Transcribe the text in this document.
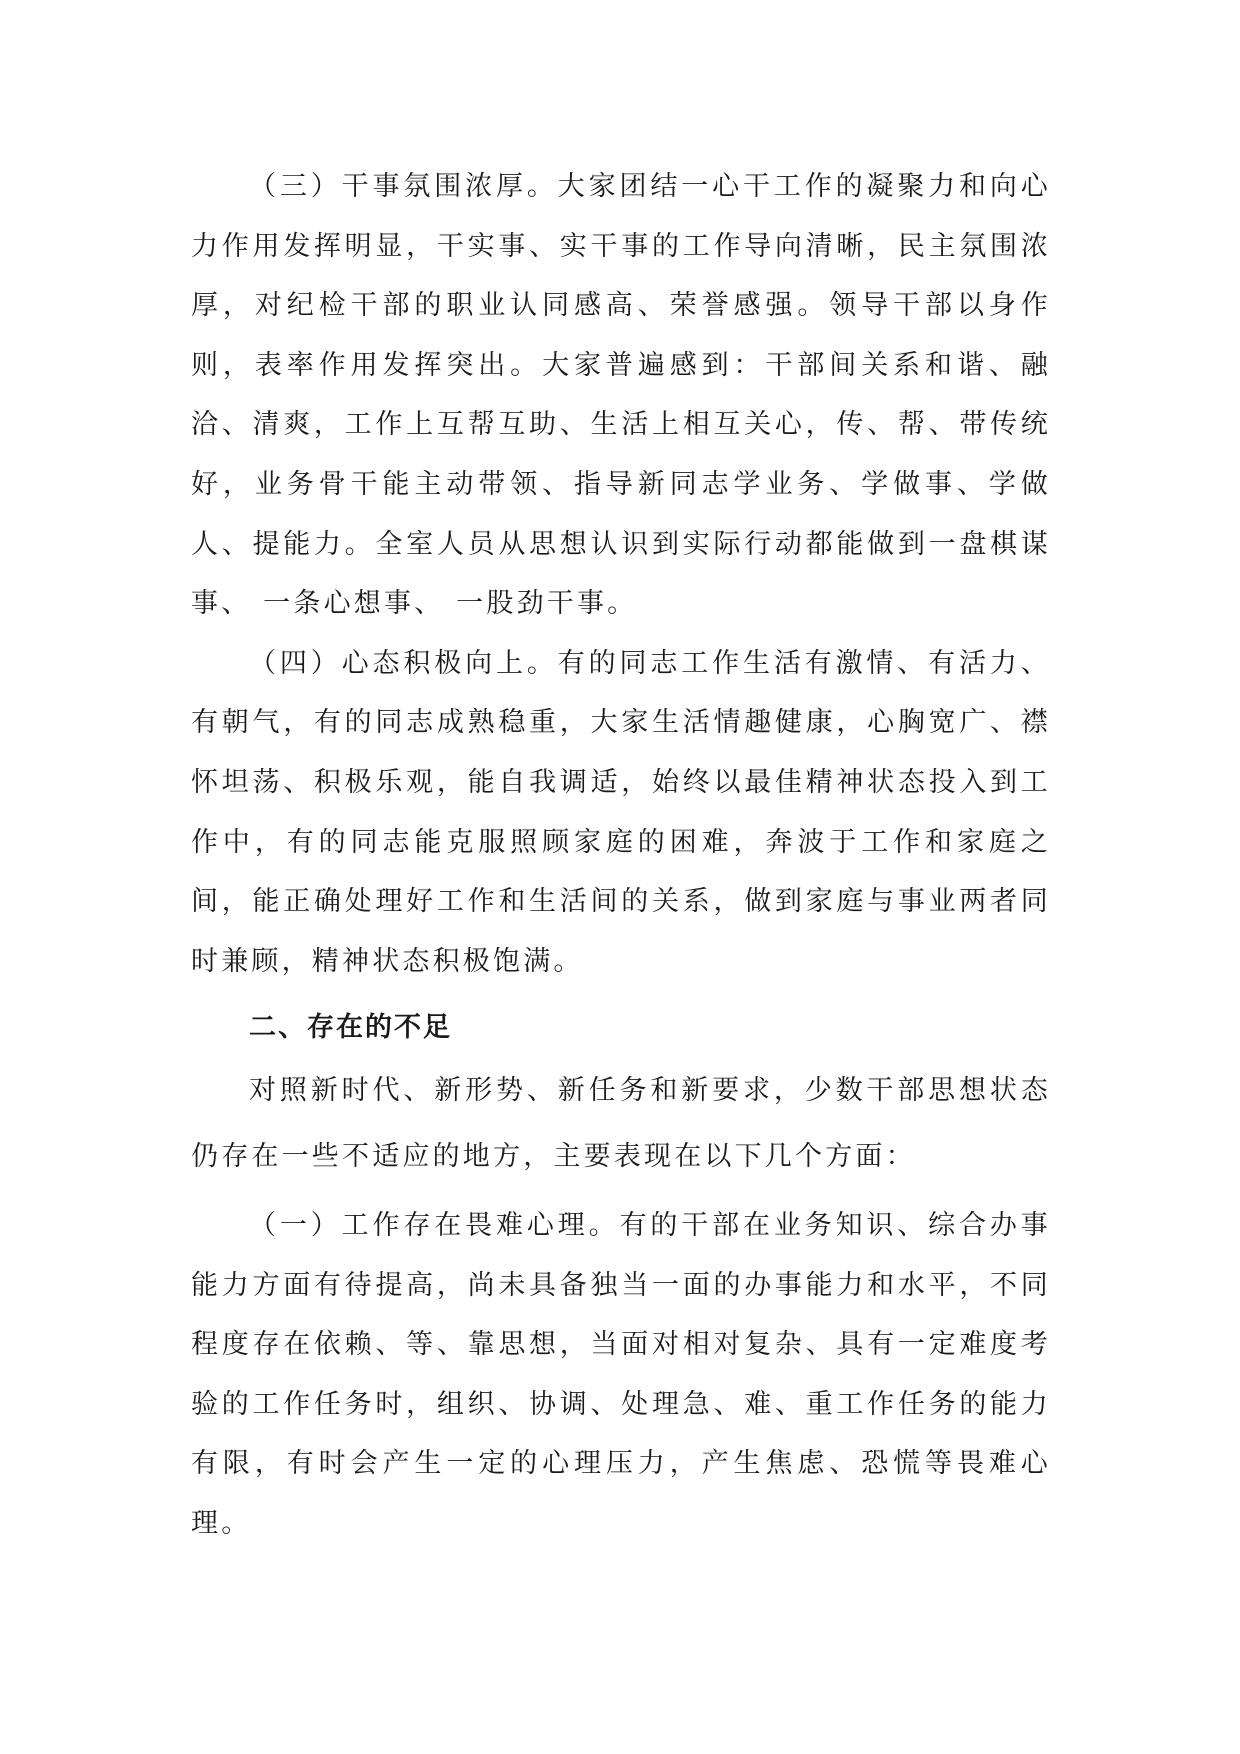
（三）干事氛围浓厚。大家团结一心干工作的凝聚力和向心力作用发挥明显，干实事、实干事的工作导向清晰，民主氛围浓厚，对纪检干部的职业认同感高、荣誉感强。领导干部以身作则，表率作用发挥突出。大家普遍感到：干部间关系和谐、融洽、清爽，工作上互帮互助、生活上相互关心，传、帮、带传统好，业务骨干能主动带领、指导新同志学业务、学做事、学做人、提能力。全室人员从思想认识到实际行动都能做到一盘棋谋事、 一条心想事、 一股劲干事。

（四）心态积极向上。有的同志工作生活有激情、有活力、有朝气，有的同志成熟稳重，大家生活情趣健康，心胸宽广、襟怀坦荡、积极乐观，能自我调适，始终以最佳精神状态投入到工作中，有的同志能克服照顾家庭的困难，奔波于工作和家庭之间，能正确处理好工作和生活间的关系，做到家庭与事业两者同时兼顾，精神状态积极饱满。

二、存在的不足

对照新时代、新形势、新任务和新要求，少数干部思想状态仍存在一些不适应的地方，主要表现在以下几个方面：

（一）工作存在畏难心理。有的干部在业务知识、综合办事能力方面有待提高，尚未具备独当一面的办事能力和水平，不同程度存在依赖、等、靠思想，当面对相对复杂、具有一定难度考验的工作任务时，组织、协调、处理急、难、重工作任务的能力有限，有时会产生一定的心理压力，产生焦虑、恐慌等畏难心理。
